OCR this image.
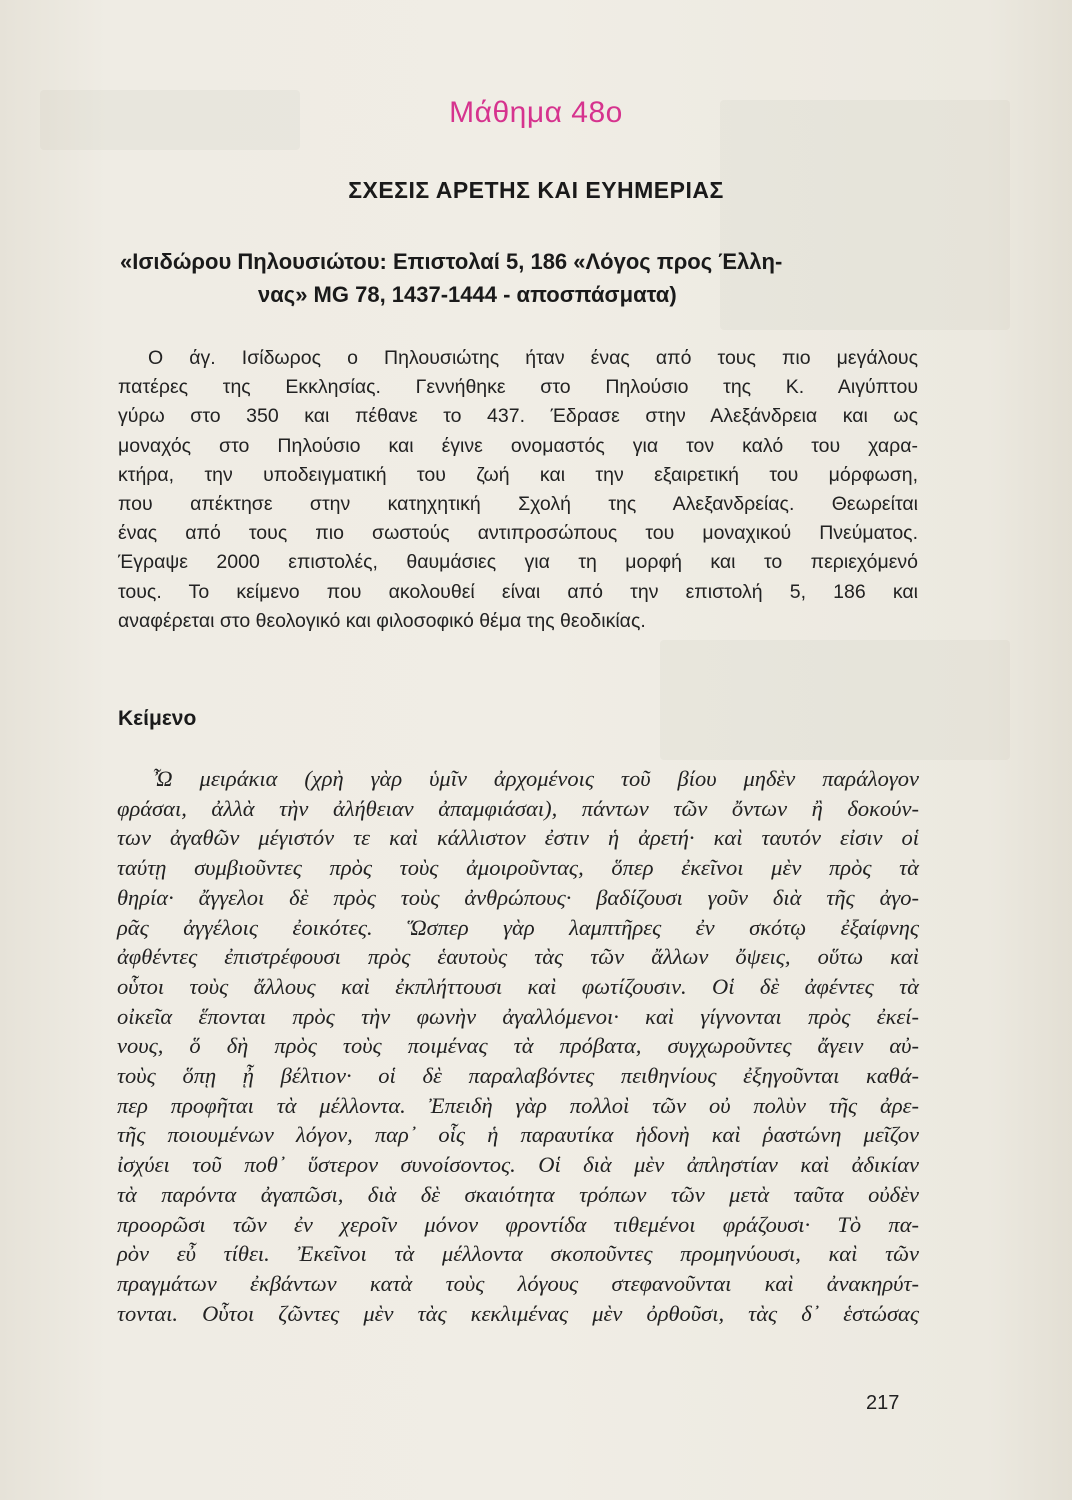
Μάθημα 48ο
ΣΧΕΣΙΣ ΑΡΕΤΗΣ ΚΑΙ ΕΥΗΜΕΡΙΑΣ
«Ισιδώρου Πηλουσιώτου: Επιστολαί 5, 186 «Λόγος προς Έλλη-
νας» MG 78, 1437-1444 - αποσπάσματα)
Ο άγ. Ισίδωρος ο Πηλουσιώτης ήταν ένας από τους πιο μεγάλους
πατέρες της Εκκλησίας. Γεννήθηκε στο Πηλούσιο της Κ. Αιγύπτου
γύρω στο 350 και πέθανε το 437. Έδρασε στην Αλεξάνδρεια και ως
μοναχός στο Πηλούσιο και έγινε ονομαστός για τον καλό του χαρα-
κτήρα, την υποδειγματική του ζωή και την εξαιρετική του μόρφωση,
που απέκτησε στην κατηχητική Σχολή της Αλεξανδρείας. Θεωρείται
ένας από τους πιο σωστούς αντιπροσώπους του μοναχικού Πνεύματος.
Έγραψε 2000 επιστολές, θαυμάσιες για τη μορφή και το περιεχόμενό
τους. Το κείμενο που ακολουθεί είναι από την επιστολή 5, 186 και
αναφέρεται στο θεολογικό και φιλοσοφικό θέμα της θεοδικίας.
Κείμενο
Ὦ μειράκια (χρὴ γὰρ ὑμῖν ἀρχομένοις τοῦ βίου μηδὲν παράλογον
φράσαι, ἀλλὰ τὴν ἀλήθειαν ἀπαμφιάσαι), πάντων τῶν ὄντων ἢ δοκούν-
των ἀγαθῶν μέγιστόν τε καὶ κάλλιστον ἐστιν ἡ ἀρετή· καὶ ταυτόν εἰσιν οἱ
ταύτῃ συμβιοῦντες πρὸς τοὺς ἀμοιροῦντας, ὅπερ ἐκεῖνοι μὲν πρὸς τὰ
θηρία· ἄγγελοι δὲ πρὸς τοὺς ἀνθρώπους· βαδίζουσι γοῦν διὰ τῆς ἀγο-
ρᾶς ἀγγέλοις ἐοικότες. Ὥσπερ γὰρ λαμπτῆρες ἐν σκότῳ ἐξαίφνης
ἀφθέντες ἐπιστρέφουσι πρὸς ἑαυτοὺς τὰς τῶν ἄλλων ὄψεις, οὕτω καὶ
οὗτοι τοὺς ἄλλους καὶ ἐκπλήττουσι καὶ φωτίζουσιν. Οἱ δὲ ἀφέντες τὰ
οἰκεῖα ἕπονται πρὸς τὴν φωνὴν ἀγαλλόμενοι· καὶ γίγνονται πρὸς ἐκεί-
νους, ὅ δὴ πρὸς τοὺς ποιμένας τὰ πρόβατα, συγχωροῦντες ἄγειν αὐ-
τοὺς ὅπῃ ᾖ βέλτιον· οἱ δὲ παραλαβόντες πειθηνίους ἐξηγοῦνται καθά-
περ προφῆται τὰ μέλλοντα. Ἐπειδὴ γὰρ πολλοὶ τῶν οὐ πολὺν τῆς ἀρε-
τῆς ποιουμένων λόγον, παρ᾽ οἷς ἡ παραυτίκα ἡδονὴ καὶ ῥαστώνη μεῖζον
ἰσχύει τοῦ ποθ᾽ ὕστερον συνοίσοντος. Οἱ διὰ μὲν ἀπληστίαν καὶ ἀδικίαν
τὰ παρόντα ἀγαπῶσι, διὰ δὲ σκαιότητα τρόπων τῶν μετὰ ταῦτα οὐδὲν
προορῶσι τῶν ἐν χεροῖν μόνον φροντίδα τιθεμένοι φράζουσι· Τὸ πα-
ρὸν εὖ τίθει. Ἐκεῖνοι τὰ μέλλοντα σκοποῦντες προμηνύουσι, καὶ τῶν
πραγμάτων ἐκβάντων κατὰ τοὺς λόγους στεφανοῦνται καὶ ἀνακηρύτ-
τονται. Οὗτοι ζῶντες μὲν τὰς κεκλιμένας μὲν ὀρθοῦσι, τὰς δ᾽ ἑστώσας
217
